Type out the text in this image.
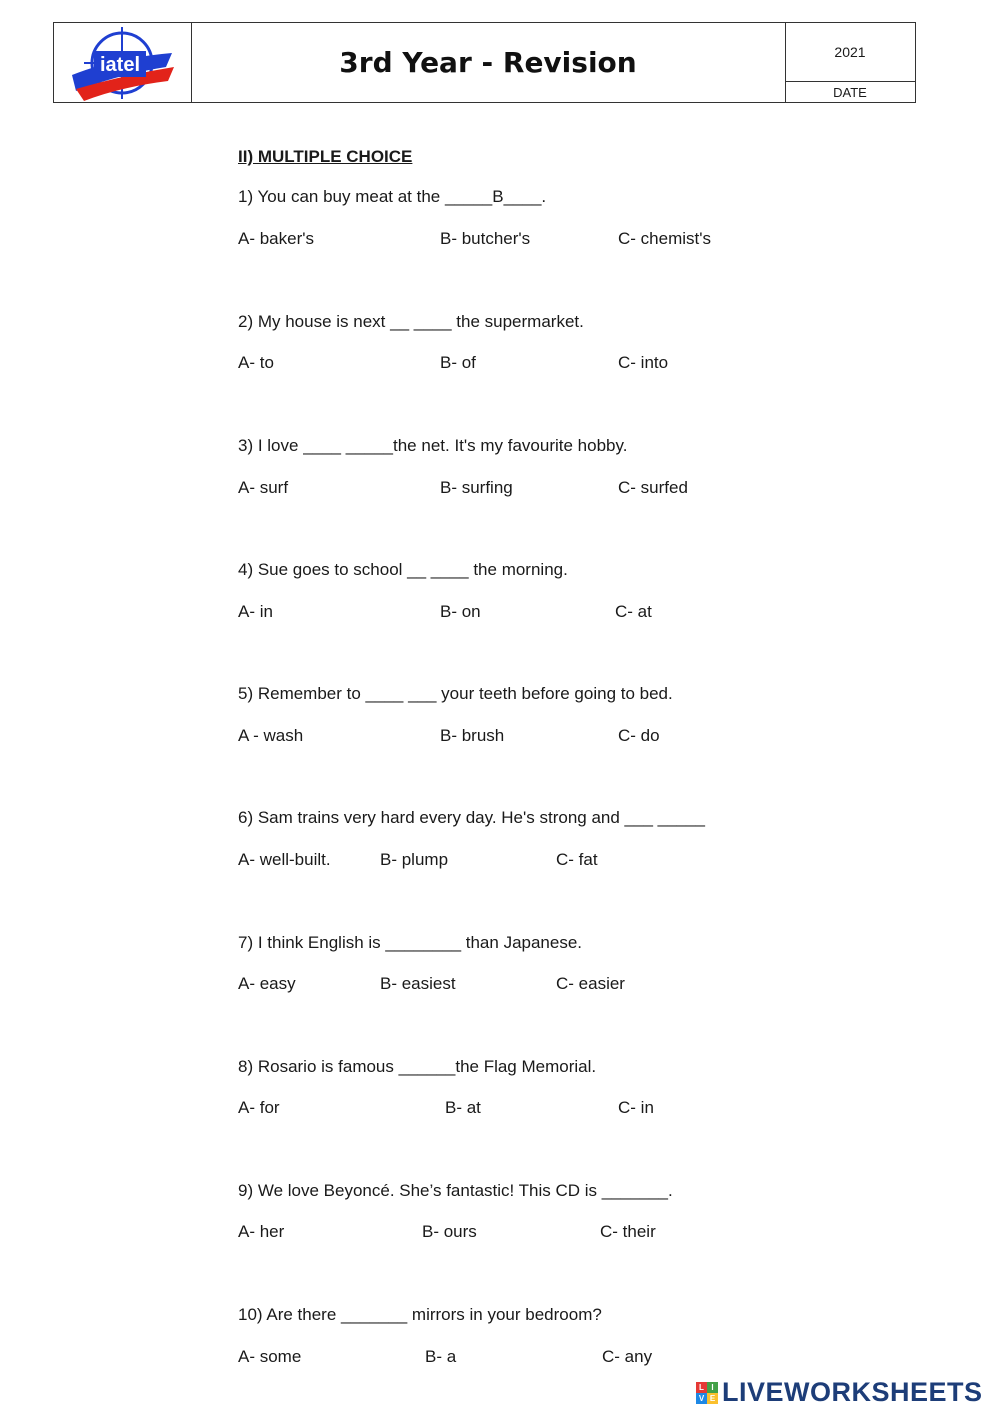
iatel	3rd Year - Revision	2021
DATE
II) MULTIPLE CHOICE
1) You can buy meat at the _____B____.
A- baker's	B- butcher's	C- chemist's
2) My house is next __ ____ the supermarket.
A- to	B- of	C- into
3) I love ____ _____the net. It's my favourite hobby.
A- surf	B- surfing	C- surfed
4) Sue goes to school __ ____ the morning.
A- in	B- on	C- at
5) Remember to ____ ___ your teeth before going to bed.
A - wash	B- brush	C- do
6) Sam trains very hard every day. He's strong and ___ _____
A- well-built.	B- plump	C- fat
7) I think English is ________ than Japanese.
A- easy	B- easiest	C- easier
8) Rosario is famous ______the Flag Memorial.
A- for	B- at	C- in
9) We love Beyoncé. She’s fantastic! This CD is _______.
A- her	B- ours	C- their
10) Are there _______ mirrors in your bedroom?
A- some	B- a	C- any
L I
V E LIVEWORKSHEETS
